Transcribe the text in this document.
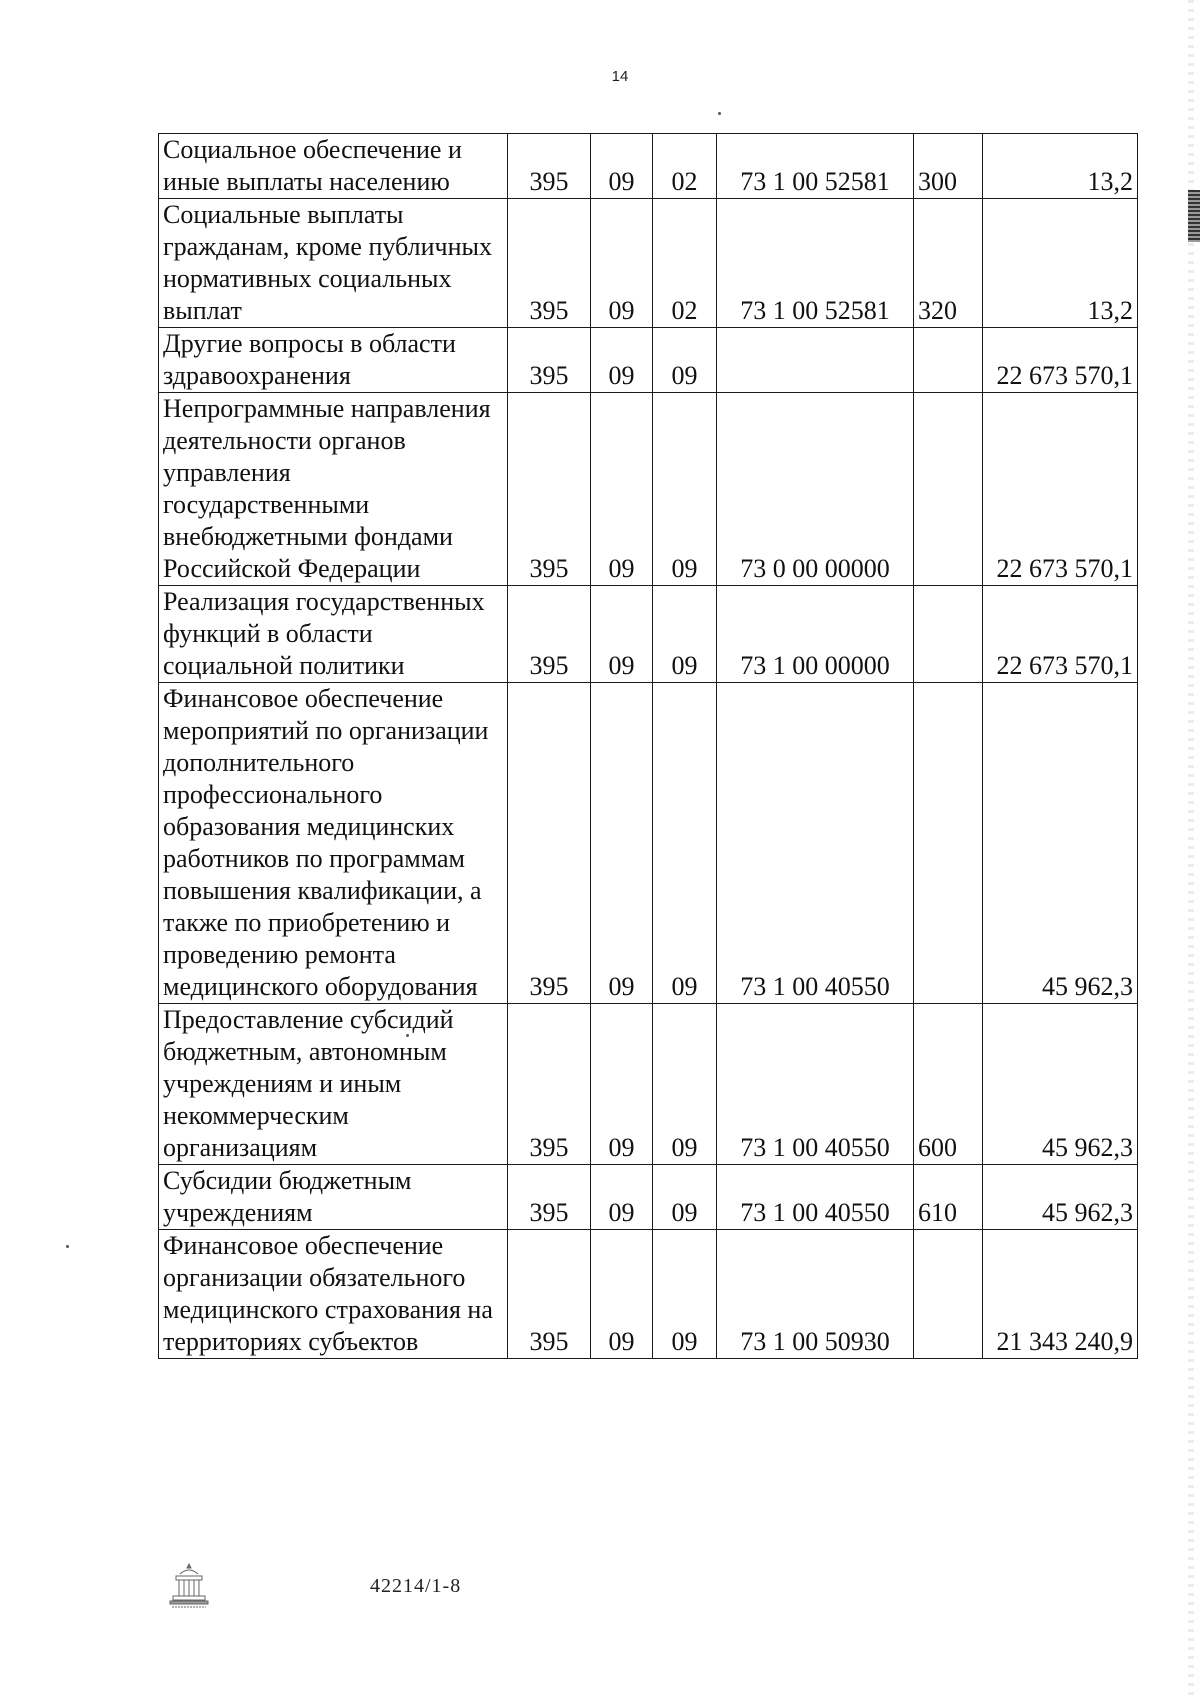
14
Социальное обеспечение и иные выплаты населению	395	09	02	73 1 00 52581	300	13,2

Социальные выплаты гражданам, кроме публичных нормативных социальных выплат	395	09	02	73 1 00 52581	320	13,2

Другие вопросы в области здравоохранения	395	09	09			22 673 570,1

Непрограммные направления деятельности органов управления государственными внебюджетными фондами Российской Федерации	395	09	09	73 0 00 00000		22 673 570,1

Реализация государственных функций в области социальной политики	395	09	09	73 1 00 00000		22 673 570,1

Финансовое обеспечение мероприятий по организации дополнительного профессионального образования медицинских работников по программам повышения квалификации, а также по приобретению и проведению ремонта медицинского оборудования	395	09	09	73 1 00 40550		45 962,3

Предоставление субсидий бюджетным, автономным учреждениям и иным некоммерческим организациям	395	09	09	73 1 00 40550	600	45 962,3

Субсидии бюджетным учреждениям	395	09	09	73 1 00 40550	610	45 962,3

Финансовое обеспечение организации обязательного медицинского страхования на территориях субъектов	395	09	09	73 1 00 50930		21 343 240,9
42214/1-8
